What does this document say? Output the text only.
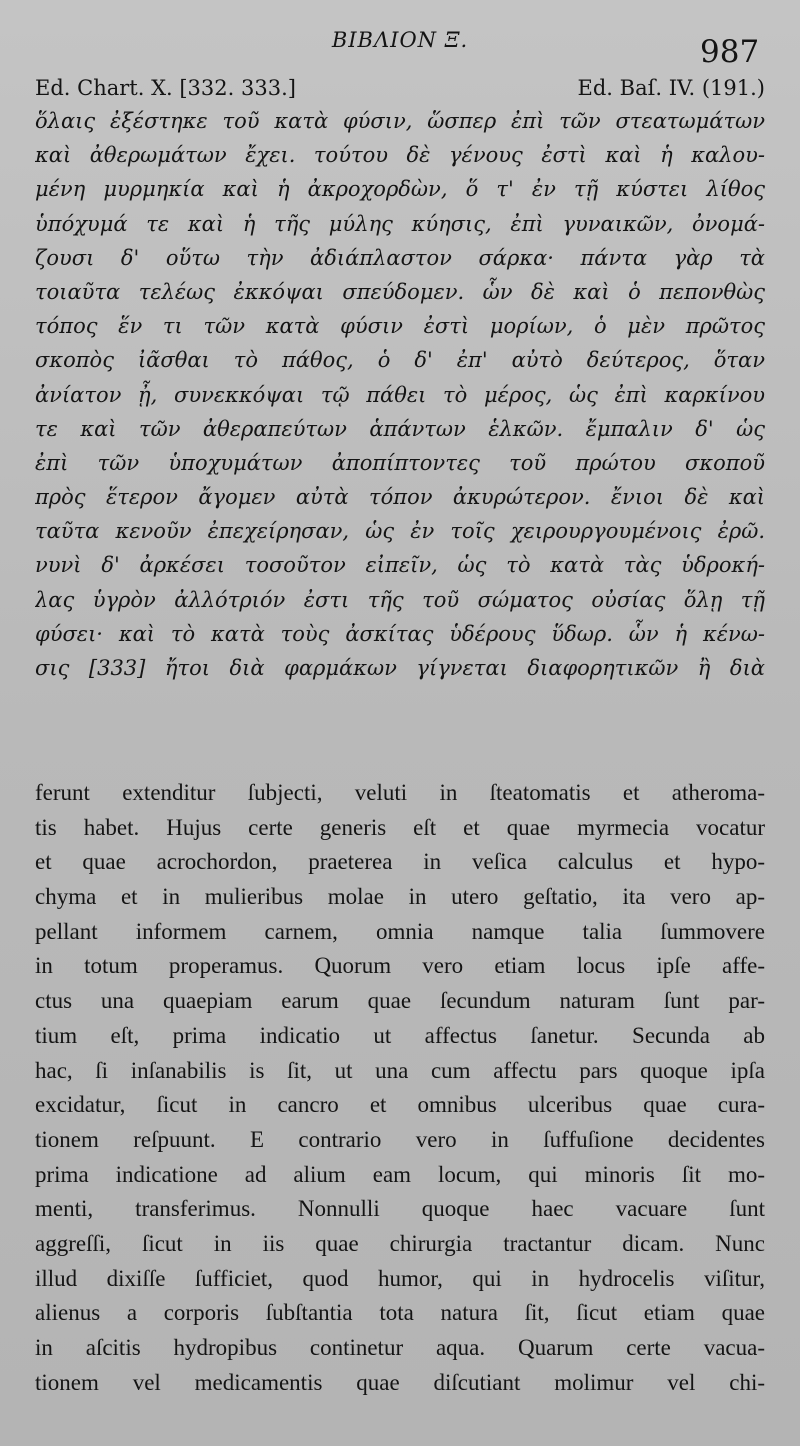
BIBΛΙΟΝ Ξ.	987
Ed. Chart. X. [332. 333.]	Ed. Baſ. IV. (191.)
ὅλαις ἐξέστηκε τοῦ κατὰ φύσιν, ὥσπερ ἐπὶ τῶν στεατωμάτων
καὶ ἀθερωμάτων ἔχει. τούτου δὲ γένους ἐστὶ καὶ ἡ καλου-
μένη μυρμηκία καὶ ἡ ἀκροχορδὼν, ὅ τ' ἐν τῇ κύστει λίθος
ὑπόχυμά τε καὶ ἡ τῆς μύλης κύησις, ἐπὶ γυναικῶν, ὀνομά-
ζουσι δ' οὕτω τὴν ἀδιάπλαστον σάρκα· πάντα γὰρ τὰ
τοιαῦτα τελέως ἐκκόψαι σπεύδομεν. ὧν δὲ καὶ ὁ πεπονθὼς
τόπος ἕν τι τῶν κατὰ φύσιν ἐστὶ μορίων, ὁ μὲν πρῶτος
σκοπὸς ἰᾶσθαι τὸ πάθος, ὁ δ' ἐπ' αὐτὸ δεύτερος, ὅταν
ἀνίατον ᾖ, συνεκκόψαι τῷ πάθει τὸ μέρος, ὡς ἐπὶ καρκίνου
τε καὶ τῶν ἀθεραπεύτων ἁπάντων ἑλκῶν. ἔμπαλιν δ' ὡς
ἐπὶ τῶν ὑποχυμάτων ἀποπίπτοντες τοῦ πρώτου σκοποῦ
πρὸς ἕτερον ἄγομεν αὐτὰ τόπον ἀκυρώτερον. ἔνιοι δὲ καὶ
ταῦτα κενοῦν ἐπεχείρησαν, ὡς ἐν τοῖς χειρουργουμένοις ἐρῶ.
νυνὶ δ' ἀρκέσει τοσοῦτον εἰπεῖν, ὡς τὸ κατὰ τὰς ὑδροκή-
λας ὑγρὸν ἀλλότριόν ἐστι τῆς τοῦ σώματος οὐσίας ὅλῃ τῇ
φύσει· καὶ τὸ κατὰ τοὺς ἀσκίτας ὑδέρους ὕδωρ. ὧν ἡ κένω-
σις [333] ἤτοι διὰ φαρμάκων γίγνεται διαφορητικῶν ἢ διὰ
ferunt extenditur ſubjecti, veluti in ſteatomatis et atheroma-
tis habet. Hujus certe generis eſt et quae myrmecia vocatur
et quae acrochordon, praeterea in veſica calculus et hypo-
chyma et in mulieribus molae in utero geſtatio, ita vero ap-
pellant informem carnem, omnia namque talia ſummovere
in totum properamus. Quorum vero etiam locus ipſe affe-
ctus una quaepiam earum quae ſecundum naturam ſunt par-
tium eſt, prima indicatio ut affectus ſanetur. Secunda ab
hac, ſi inſanabilis is ſit, ut una cum affectu pars quoque ipſa
excidatur, ſicut in cancro et omnibus ulceribus quae cura-
tionem reſpuunt. E contrario vero in ſuffuſione decidentes
prima indicatione ad alium eam locum, qui minoris ſit mo-
menti, transferimus. Nonnulli quoque haec vacuare ſunt
aggreſſi, ſicut in iis quae chirurgia tractantur dicam. Nunc
illud dixiſſe ſufficiet, quod humor, qui in hydrocelis viſitur,
alienus a corporis ſubſtantia tota natura ſit, ſicut etiam quae
in aſcitis hydropibus continetur aqua. Quarum certe vacua-
tionem vel medicamentis quae diſcutiant molimur vel chi-
